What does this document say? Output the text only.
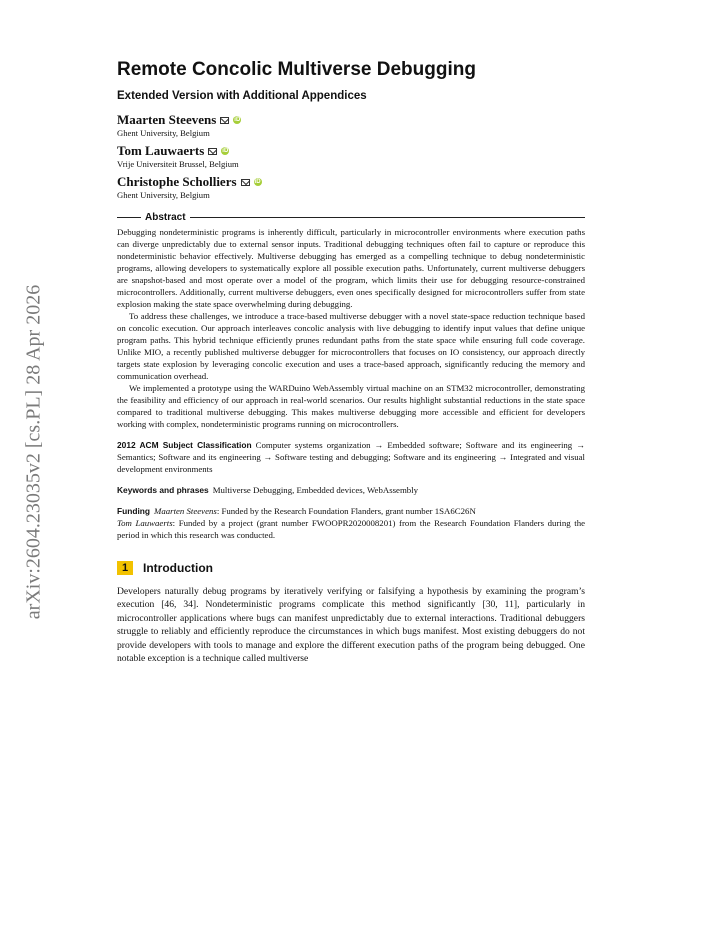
arXiv:2604.23035v2 [cs.PL] 28 Apr 2026
Remote Concolic Multiverse Debugging
Extended Version with Additional Appendices
Maarten Steevens	iD
Ghent University, Belgium
Tom Lauwaerts	iD
Vrije Universiteit Brussel, Belgium
Christophe Scholliers	iD
Ghent University, Belgium
Abstract

Debugging nondeterministic programs is inherently difficult, particularly in microcontroller environments where execution paths can diverge unpredictably due to external sensor inputs. Traditional debugging techniques often fail to capture or reproduce this nondeterministic behavior effectively. Multiverse debugging has emerged as a compelling technique to debug nondeterministic programs, allowing developers to systematically explore all possible execution paths. Unfortunately, current multiverse debuggers are snapshot-based and most operate over a model of the program, which limits their use for debugging resource-constrained microcontrollers. Additionally, current multiverse debuggers, even ones specifically designed for microcontrollers suffer from state explosion making the state space overwhelming during debugging.

To address these challenges, we introduce a trace-based multiverse debugger with a novel state-space reduction technique based on concolic execution. Our approach interleaves concolic analysis with live debugging to identify input values that define unique program paths. This hybrid technique efficiently prunes redundant paths from the state space while ensuring full code coverage. Unlike MIO, a recently published multiverse debugger for microcontrollers that focuses on IO consistency, our approach directly targets state explosion by leveraging concolic execution and uses a trace-based approach, significantly reducing the memory and communication overhead.

We implemented a prototype using the WARDuino WebAssembly virtual machine on an STM32 microcontroller, demonstrating the feasibility and efficiency of our approach in real-world scenarios. Our results highlight substantial reductions in the state space compared to traditional multiverse debugging. This makes multiverse debugging more accessible and efficient for developers working with complex, nondeterministic programs running on microcontrollers.

2012 ACM Subject Classification Computer systems organization → Embedded software; Software and its engineering → Semantics; Software and its engineering → Software testing and debugging; Software and its engineering → Integrated and visual development environments

Keywords and phrases Multiverse Debugging, Embedded devices, WebAssembly

Funding Maarten Steevens: Funded by the Research Foundation Flanders, grant number 1SA6C26N
Tom Lauwaerts: Funded by a project (grant number FWOOPR2020008201) from the Research Foundation Flanders during the period in which this research was conducted.

1	Introduction

Developers naturally debug programs by iteratively verifying or falsifying a hypothesis by examining the program’s execution [46, 34]. Nondeterministic programs complicate this method significantly [30, 11], particularly in microcontroller applications where bugs can manifest unpredictably due to external interactions. Traditional debuggers struggle to reliably and efficiently reproduce the circumstances in which bugs manifest. Most existing debuggers do not provide developers with tools to manage and explore the different execution paths of the program being debugged. One notable exception is a technique called multiverse
